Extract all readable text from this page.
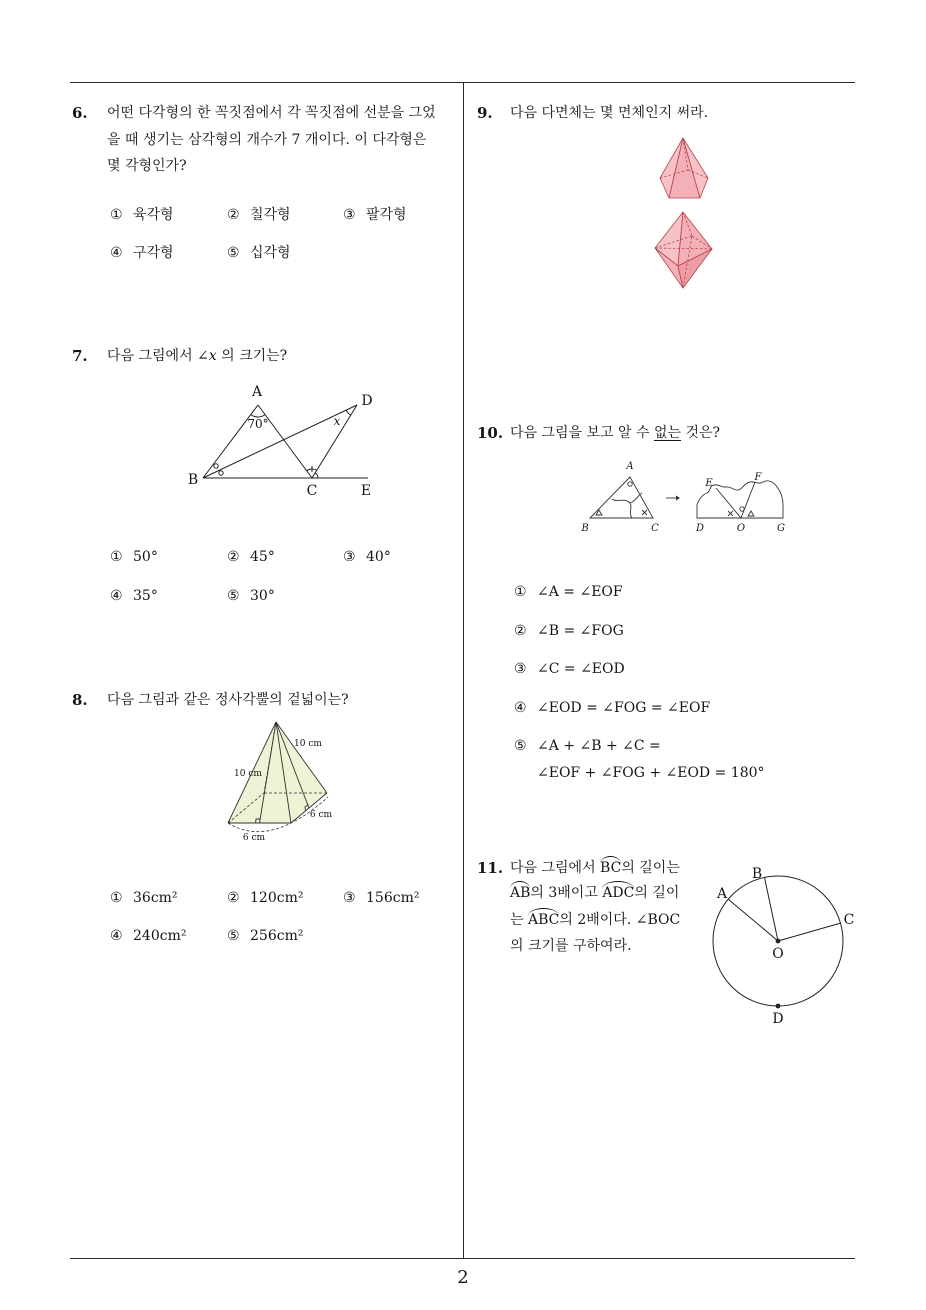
6. 어떤 다각형의 한 꼭짓점에서 각 꼭짓점에 선분을 그었
을 때 생기는 삼각형의 개수가 7 개이다. 이 다각형은
몇 각형인가?
① 육각형	② 칠각형	③ 팔각형
④ 구각형	⑤ 십각형
7. 다음 그림에서 ∠x 의 크기는?
A
B
C
D
E
70°	x
① 50°	② 45°	③ 40°
④ 35°	⑤ 30°
8. 다음 그림과 같은 정사각뿔의 겉넓이는?
10 cm
10 cm
6 cm
6 cm
① 36cm²	② 120cm²	③ 156cm²
④ 240cm²	⑤ 256cm²
9. 다음 다면체는 몇 면체인지 써라.
10. 다음 그림을 보고 알 수 없는 것은?
A
B	C	D	O	G
E
F
① ∠A = ∠EOF
② ∠B = ∠FOG
③ ∠C = ∠EOD
④ ∠EOD = ∠FOG = ∠EOF
⑤ ∠A + ∠B + ∠C =
∠EOF + ∠FOG + ∠EOD = 180°
11. 다음 그림에서 BC의 길이는
AB의 3배이고 ADC의 길이
는 ABC의 2배이다. ∠BOC
의 크기를 구하여라.
B
A
C
O
D
2
